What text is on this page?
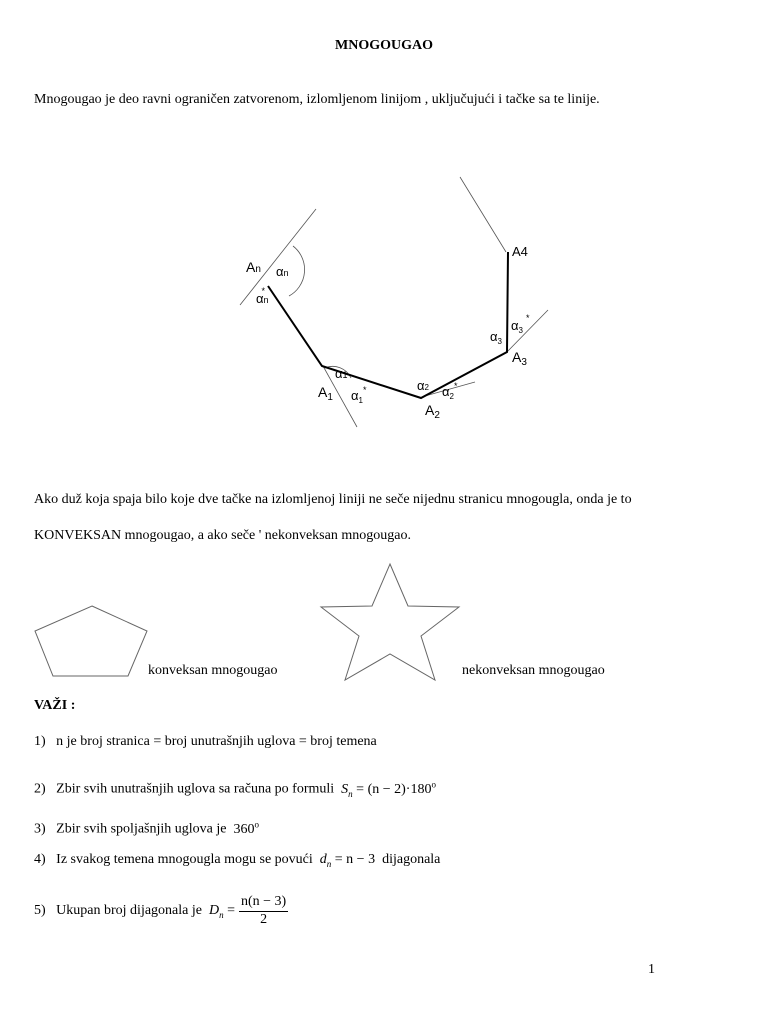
MNOGOUGAO
Mnogougao je deo ravni ograničen zatvorenom, izlomljenom linijom , uključujući i tačke sa te linije.
An
$A_1$
$A_2$
$A_3$
A4
αn
αn*
α1
$\alpha_1^*$	α2 $\alpha_2^*$
$\alpha_3$
$\alpha_3^*$
Ako duž koja spaja bilo koje dve tačke na izlomljenoj liniji ne seče nijednu stranicu mnogougla, onda je to
KONVEKSAN mnogougao, a ako seče ' nekonveksan mnogougao.
konveksan mnogougao	nekonveksan mnogougao
VAŽI :
1) n je broj stranica = broj unutrašnjih uglova = broj temena
2) Zbir svih unutrašnjih uglova sa računa po formuli $S_n = (n - 2)\cdot 180^o$
3) Zbir svih spoljašnjih uglova je 360$^o$
4) Iz svakog temena mnogougla mogu se povući $d_n = n - 3$ dijagonala
5) Ukupan broj dijagonala je $D_n = \frac{n(n - 3)}{2}$
1
